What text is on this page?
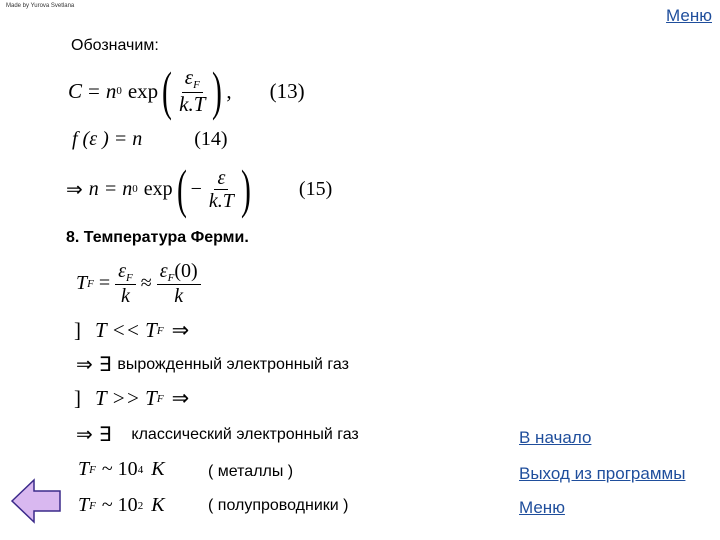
Made by Yurova Svetlana	Меню
Обозначим:
C = n 0 exp ( $\frac{\varepsilon_F}{k.T}$ ) , (13)
f (ε ) = n	(14)
⇒ n = n 0 exp ( − $\frac{\varepsilon}{k.T}$ ) (15)
8. Температура Ферми.
T $F = \frac{\varepsilon_F}{k} \approx \frac{\varepsilon_F(0)}{k}$
] T << T F ⇒
⇒ ∃ вырожденный электронный газ
] T >> T F ⇒
⇒ ∃ классический электронный газ
T F ~ 10 4 K	( металлы )
T F ~ 10 2 K	( полупроводники )
В начало
Выход из программы
Меню
